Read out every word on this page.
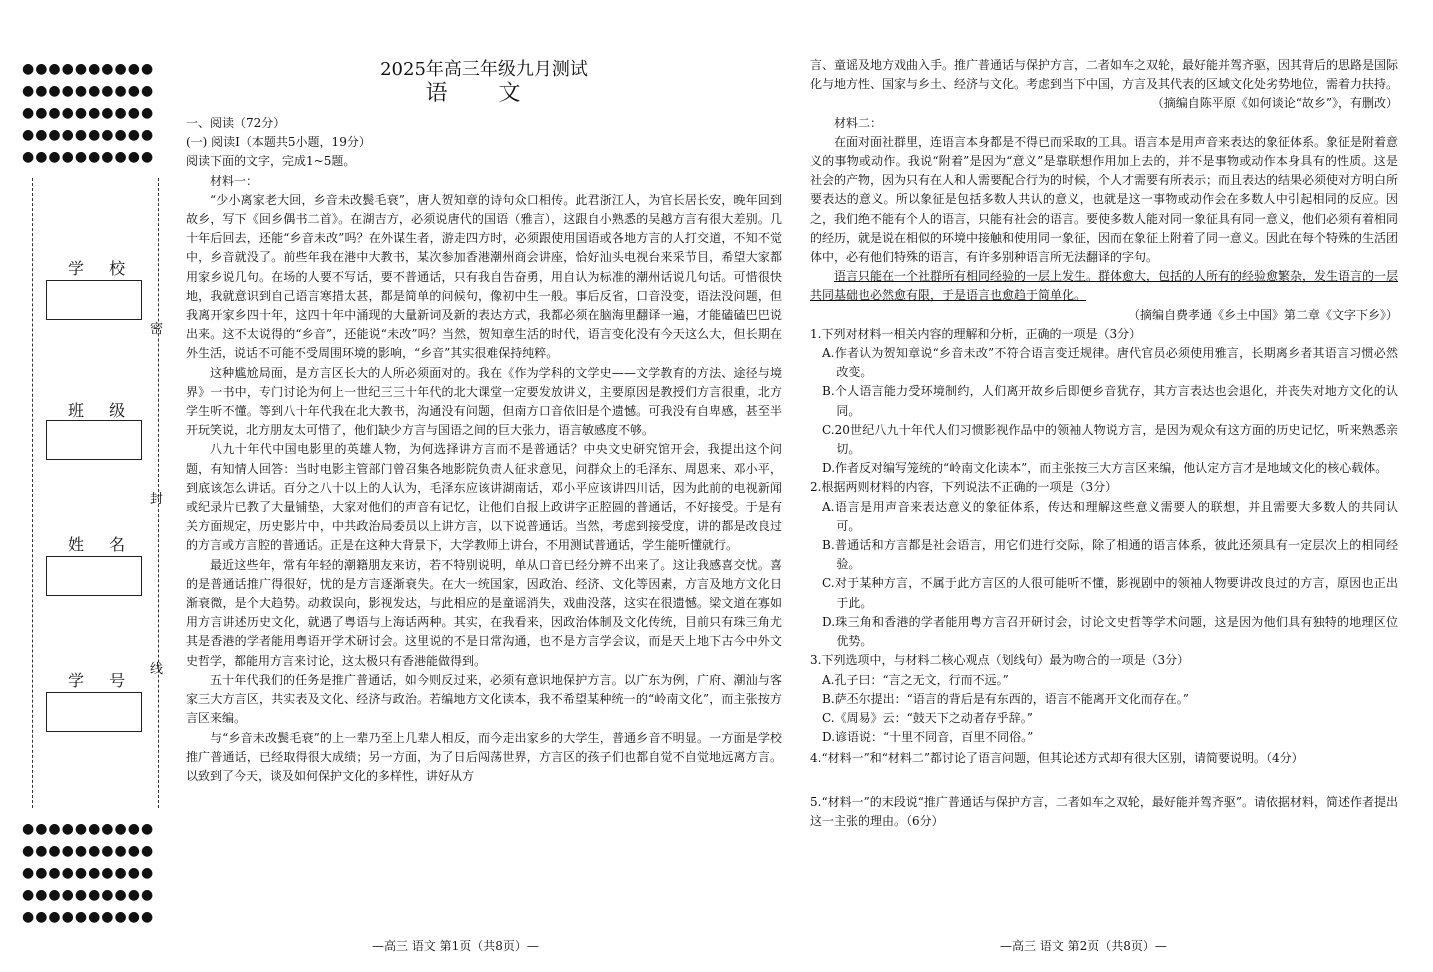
●●●●●●●●●●
●●●●●●●●●●
●●●●●●●●●●
●●●●●●●●●●
●●●●●●●●●●
●●●●●●●●●●
●●●●●●●●●●
●●●●●●●●●●
●●●●●●●●●●
●●●●●●●●●●
学 校
班 级
姓 名
学 号
密
封
线
2025年高三年级九月测试
语 文

一、阅读（72分）

(一) 阅读I（本题共5小题，19分）

阅读下面的文字，完成1~5题。

材料一：

“少小离家老大回，乡音未改鬓毛衰”，唐人贺知章的诗句众口相传。此君浙江人，为官长居长安，晚年回到故乡，写下《回乡偶书二首》。在湖吉方，必须说唐代的国语（雅言），这跟自小熟悉的吴越方言有很大差别。几十年后回去，还能“乡音未改”吗？在外谋生者，游走四方时，必须跟使用国语或各地方言的人打交道，不知不觉中，乡音就没了。前些年我在港中大教书，某次参加香港潮州商会讲座，恰好汕头电视台来采节目，希望大家都用家乡说几句。在场的人要不写话，要不普通话，只有我自告奋勇，用自认为标准的潮州话说几句话。可惜很快地，我就意识到自己语言寒措太甚，都是简单的问候句，像初中生一般。事后反省，口音没变，语法没问题，但我离开家乡四十年，这四十年中涌现的大量新词及新的表达方式，我都必须在脑海里翻译一遍，才能磕磕巴巴说出来。这不太说得的“乡音”，还能说“未改”吗？当然，贺知章生活的时代，语言变化没有今天这么大，但长期在外生活，说话不可能不受周围环境的影响，“乡音”其实很难保持纯粹。

这种尴尬局面，是方言区长大的人所必须面对的。我在《作为学科的文学史——文学教育的方法、途径与境界》一书中，专门讨论为何上一世纪三三十年代的北大课堂一定要发放讲义，主要原因是教授们方言很重，北方学生听不懂。等到八十年代我在北大教书，沟通没有问题，但南方口音依旧是个遗憾。可我没有自卑感，甚至半开玩笑说，北方朋友太可惜了，他们缺少方言与国语之间的巨大张力，语言敏感度不够。

八九十年代中国电影里的英雄人物，为何选择讲方言而不是普通话？中央文史研究馆开会，我提出这个问题，有知情人回答：当时电影主管部门曾召集各地影院负责人征求意见，问群众上的毛泽东、周恩来、邓小平，到底该怎么讲话。百分之八十以上的人认为，毛泽东应该讲湖南话，邓小平应该讲四川话，因为此前的电视新闻或纪录片已教了大量铺垫，大家对他们的声音有记忆，让他们自报上政讲字正腔圆的普通话，不好接受。于是有关方面规定，历史影片中，中共政治局委员以上讲方言，以下说普通话。当然，考虑到接受度，讲的都是改良过的方言或方言腔的普通话。正是在这种大背景下，大学教师上讲台，不用测试普通话，学生能听懂就行。

最近这些年，常有年轻的潮籍朋友来访，若不特别说明，单从口音已经分辨不出来了。这让我感喜交忧。喜的是普通话推广得很好，忧的是方言逐渐衰失。在大一统国家，因政治、经济、文化等因素，方言及地方文化日渐衰微，是个大趋势。动救误向，影视发达，与此相应的是童谣消失，戏曲没落，这实在很遗憾。梁文道在寡如用方言讲述历史文化，就遇了粤语与上海话两种。其实，在我看来，因政治体制及文化传统，目前只有珠三角尤其是香港的学者能用粤语开学术研讨会。这里说的不是日常沟通，也不是方言学会议，而是天上地下古今中外文史哲学，都能用方言来讨论，这太极只有香港能做得到。

五十年代我们的任务是推广普通话，如今则反过来，必须有意识地保护方言。以广东为例，广府、潮汕与客家三大方言区，共实表及文化、经济与政治。若编地方文化读本，我不希望某种统一的“岭南文化”，而主张按方言区来编。

与“乡音未改鬓毛衰”的上一辈乃至上几辈人相反，而今走出家乡的大学生，普通乡音不明显。一方面是学校推广普通话，已经取得很大成绩；另一方面，为了日后闯荡世界，方言区的孩子们也都自觉不自觉地远离方言。以致到了今天，谈及如何保护文化的多样性，讲好从方

—高三 语文 第1页（共8页）—

言、童谣及地方戏曲入手。推广普通话与保护方言，二者如车之双轮，最好能并驾齐驱，因其背后的思路是国际化与地方性、国家与乡土、经济与文化。考虑到当下中国，方言及其代表的区域文化处劣势地位，需着力扶持。

（摘编自陈平原《如何谈论“故乡”》，有删改）

材料二：

在面对面社群里，连语言本身都是不得已而采取的工具。语言本是用声音来表达的象征体系。象征是附着意义的事物或动作。我说“附着”是因为“意义”是靠联想作用加上去的，并不是事物或动作本身具有的性质。这是社会的产物，因为只有在人和人需要配合行为的时候，个人才需要有所表示；而且表达的结果必须使对方明白所要表达的意义。所以象征是包括多数人共认的意义，也就是这一事物或动作会在多数人中引起相同的反应。因之，我们绝不能有个人的语言，只能有社会的语言。要使多数人能对同一象征具有同一意义，他们必须有着相同的经历，就是说在相似的环境中接触和使用同一象征，因而在象征上附着了同一意义。因此在每个特殊的生活团体中，必有他们特殊的语言，有许多别种语言所无法翻译的字句。

语言只能在一个社群所有相同经验的一层上发生。群体愈大，包括的人所有的经验愈繁杂，发生语言的一层共同基础也必然愈有限，于是语言也愈趋于简单化。

（摘编自费孝通《乡土中国》第二章《文字下乡》）

1.下列对材料一相关内容的理解和分析，正确的一项是（3分）

A.作者认为贺知章说“乡音未改”不符合语言变迁规律。唐代官员必须使用雅言，长期离乡者其语言习惯必然改变。

B.个人语言能力受环境制约，人们离开故乡后即便乡音犹存，其方言表达也会退化，并丧失对地方文化的认同。

C.20世纪八九十年代人们习惯影视作品中的领袖人物说方言，是因为观众有这方面的历史记忆，听来熟悉亲切。

D.作者反对编写笼统的“岭南文化读本”，而主张按三大方言区来编，他认定方言才是地域文化的核心载体。

2.根据两则材料的内容，下列说法不正确的一项是（3分）

A.语言是用声音来表达意义的象征体系，传达和理解这些意义需要人的联想，并且需要大多数人的共同认可。

B.普通话和方言都是社会语言，用它们进行交际，除了相通的语言体系，彼此还须具有一定层次上的相同经验。

C.对于某种方言，不属于此方言区的人很可能听不懂，影视剧中的领袖人物要讲改良过的方言，原因也正出于此。

D.珠三角和香港的学者能用粤方言召开研讨会，讨论文史哲等学术问题，这是因为他们具有独特的地理区位优势。

3.下列选项中，与材料二核心观点（划线句）最为吻合的一项是（3分）

A.孔子曰：“言之无文，行而不远。”

B.萨丕尔提出：“语言的背后是有东西的，语言不能离开文化而存在。”

C.《周易》云：“鼓天下之动者存乎辞。”

D.谚语说：“十里不同音，百里不同俗。”

4.“材料一”和“材料二”都讨论了语言问题，但其论述方式却有很大区别，请简要说明。（4分）

5.“材料一”的末段说“推广普通话与保护方言，二者如车之双轮，最好能并驾齐驱”。请依据材料，简述作者提出这一主张的理由。（6分）

—高三 语文 第2页（共8页）—
